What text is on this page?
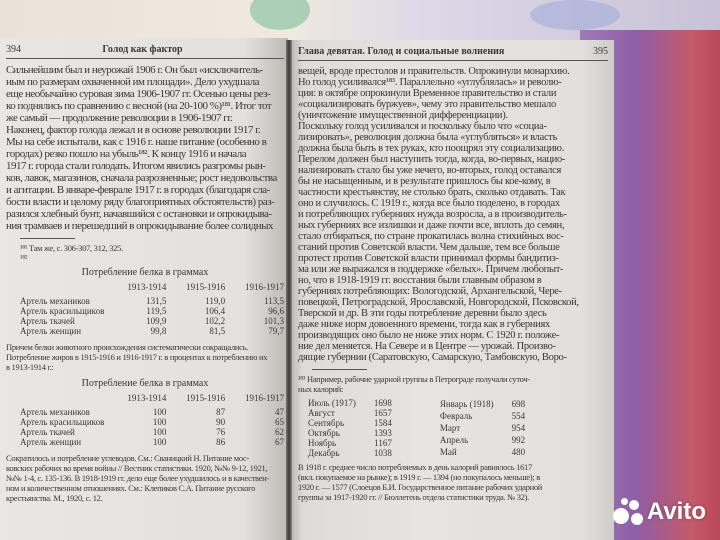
394	Голод как фактор
Сильнейшим был и неурожай 1906 г. Он был «исключитель-
ным по размерам охваченной им площади». Дело ухудшала
еще необычайно суровая зима 1906-1907 гг. Осенью цены рез-
ко поднялись по сравнению с весной (на 20-100 %)¹⁸¹. Итог тот
же самый — продолжение революции в 1906-1907 гг.
Наконец, фактор голода лежал и в основе революции 1917 г.
Мы на себе испытали, как с 1916 г. наше питание (особенно в
городах) резко пошло на убыль¹⁸². К концу 1916 и начала
1917 г. города стали голодать. Итогом явились разгромы рын-
ков, лавок, магазинов, сначала разрозненные; рост недовольства
и агитации. В январе-феврале 1917 г. в городах (благодаря сла-
бости власти и целому ряду благоприятных обстоятельств) раз-
разился хлебный бунт, начавшийся с остановки и опрокидыва-
ния трамваев и перешедший в опрокидывание более солидных
¹⁸¹ Там же, с. 306-307, 312, 325.
¹⁸²
Потребление белка в граммах
	1913-1914	1915-1916	1916-1917
Артель механиков	131,5	119,0	113,5
Артель красильщиков	119,5	106,4	96,6
Артель ткачей	109,9	102,2	101,3
Артель женщин	99,8	81,5	79,7
Причем белки животного происхождения систематически сокращались.
Потребление жиров в 1915-1916 и 1916-1917 г. в процентах к потреблению их
в 1913-1914 г.:
Потребление белка в граммах
	1913-1914	1915-1916	1916-1917
Артель механиков	100	87	47
Артель красильщиков	100	90	65
Артель ткачей	100	76	62
Артель женщин	100	86	67
Сократилось и потребление углеводов. См.: Сваницкий Н. Питание мос-
ковских рабочих во время войны // Вестник статистики. 1920, №№ 9-12, 1921,
№№ 1-4, с. 135-136. В 1918-1919 гг. дело еще более ухудшилось и в качествен-
ном и количественном отношениях. См.: Клепиков С.А. Питание русского
крестьянства. М., 1920, с. 12.
Глава девятая. Голод и социальные волнения	395
вещей, вроде престолов и правительств. Опрокинули монархию.
Но голод усиливался¹⁸³. Параллельно «углублялась» и револю-
ция: в октябре опрокинули Временное правительство и стали
«социализировать буржуев», чему это правительство мешало
(уничтожение имущественной дифференциации).
Поскольку голод усиливался и поскольку было что «социа-
лизировать», революция должна была «углубляться» и власть
должна была быть в тех руках, кто поощрял эту социализацию.
Перелом должен был наступить тогда, когда, во-первых, нацио-
нализировать стало бы уже нечего, во-вторых, голод оставался
бы не насыщенным, и в результате пришлось бы кое-кому, в
частности крестьянству, не столько брать, сколько отдавать. Так
оно и случилось. С 1919 г., когда все было поделено, в городах
и потребляющих губерниях нужда возросла, а в производитель-
ных губерниях все излишки и даже почти все, вплоть до семян,
стало отбираться, по стране прокатилась волна стихийных вос-
станий против Советской власти. Чем дальше, тем все больше
протест против Советской власти принимал формы бандитиз-
ма или же выражался в поддержке «белых». Причем любопыт-
но, что в 1918-1919 гг. восстания были главным образом в
губерниях потребляющих: Вологодской, Архангельской, Чере-
повецкой, Петроградской, Ярославской, Новгородской, Псковской,
Тверской и др. В эти годы потребление деревни было здесь
даже ниже норм довоенного времени, тогда как в губерниях
производящих оно было не ниже этих норм. С 1920 г. положе-
ние дел меняется. На Севере и в Центре — урожай. Произво-
дящие губернии (Саратовскую, Самарскую, Тамбовскую, Воро-
¹⁸³ Например, рабочие ударной группы в Петрограде получали суточ-
ных калорий:
Июль (1917)	1698
Август	1657
Сентябрь	1584
Октябрь	1393
Ноябрь	1167
Декабрь	1038
Январь (1918)	698
Февраль	554
Март	954
Апрель	992
Май	480
В 1918 г. среднее число потребляемых в день калорий равнялось 1617
(вкл. покупаемое на рынке); в 1919 г. — 1394 (но покупалось меньше); в
1920 г. — 1577 (Слоецов Б.И. Государственное питание рабочих ударной
группы за 1917-1920 гг. // Бюллетень отдела статистики труда. № 32).
Avito
